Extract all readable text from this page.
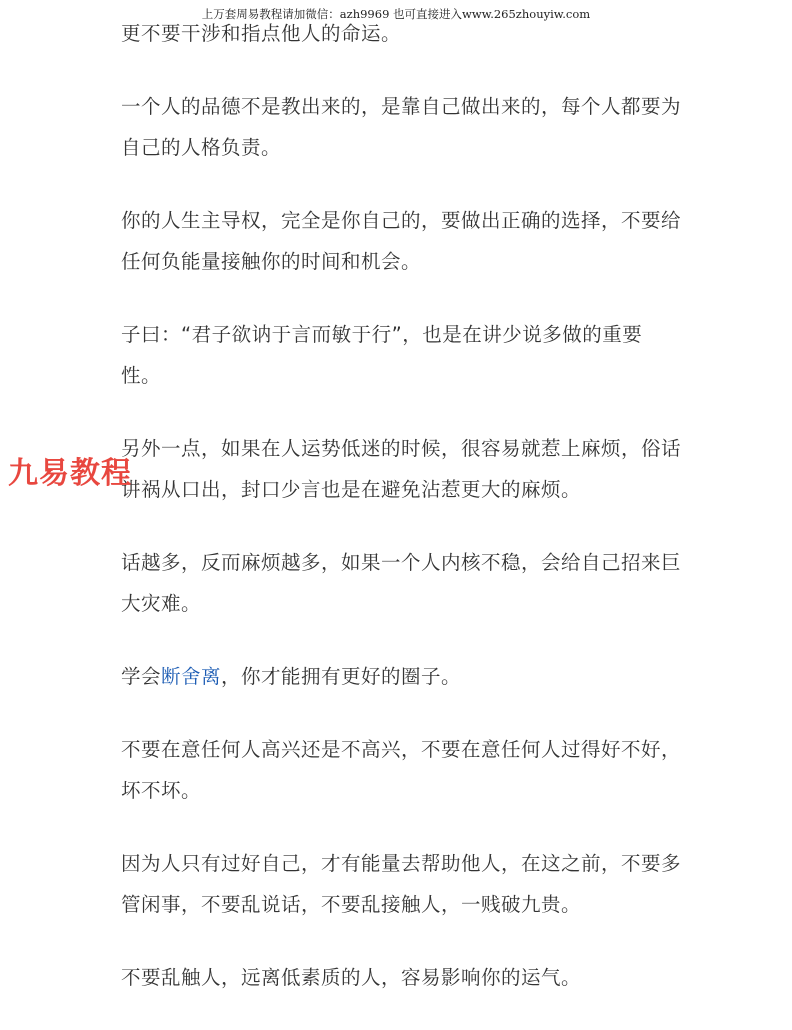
上万套周易教程请加微信：azh9969 也可直接进入www.265zhouyiw.com

更不要干涉和指点他人的命运。

一个人的品德不是教出来的，是靠自己做出来的，每个人都要为自己的人格负责。

你的人生主导权，完全是你自己的，要做出正确的选择，不要给任何负能量接触你的时间和机会。

子曰：“君子欲讷于言而敏于行”，也是在讲少说多做的重要性。

另外一点，如果在人运势低迷的时候，很容易就惹上麻烦，俗话讲祸从口出，封口少言也是在避免沾惹更大的麻烦。

话越多，反而麻烦越多，如果一个人内核不稳，会给自己招来巨大灾难。

学会断舍离，你才能拥有更好的圈子。

不要在意任何人高兴还是不高兴，不要在意任何人过得好不好，坏不坏。

因为人只有过好自己，才有能量去帮助他人，在这之前，不要多管闲事，不要乱说话，不要乱接触人，一贱破九贵。

不要乱触人，远离低素质的人，容易影响你的运气。

九易教程
